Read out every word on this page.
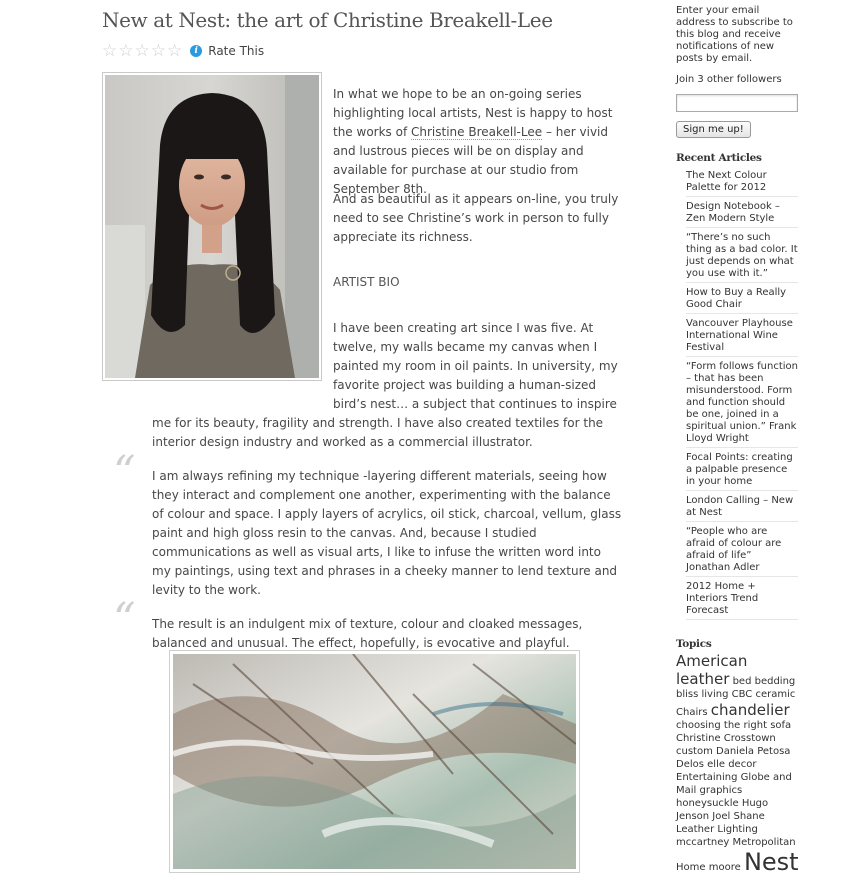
New at Nest: the art of Christine Breakell-Lee
☆ ☆ ☆ ☆ ☆	i Rate This

In what we hope to be an on-going series highlighting local artists, Nest is happy to host the works of Christine Breakell-Lee – her vivid and lustrous pieces will be on display and available for purchase at our studio from September 8th.

And as beautiful as it appears on-line, you truly need to see Christine’s work in person to fully appreciate its richness.

ARTIST BIO

I have been creating art since I was five. At twelve, my walls became my canvas when I painted my room in oil paints. In university, my favorite project was building a human-sized bird’s nest… a subject that continues to inspire

me for its beauty, fragility and strength. I have also created textiles for the interior design industry and worked as a commercial illustrator.

“ I am always refining my technique -layering different materials, seeing how they interact and complement one another, experimenting with the balance of colour and space. I apply layers of acrylics, oil stick, charcoal, vellum, glass paint and high gloss resin to the canvas. And, because I studied communications as well as visual arts, I like to infuse the written word into my paintings, using text and phrases in a cheeky manner to lend texture and levity to the work.

“ The result is an indulgent mix of texture, colour and cloaked messages, balanced and unusual. The effect, hopefully, is evocative and playful.

Enter your email address to subscribe to this blog and receive notifications of new posts by email.
Join 3 other followers
Sign me up!
Recent Articles
The Next Colour Palette for 2012
Design Notebook – Zen Modern Style
“There’s no such thing as a bad color. It just depends on what you use with it.”
How to Buy a Really Good Chair
Vancouver Playhouse International Wine Festival
“Form follows function – that has been misunderstood. Form and function should be one, joined in a spiritual union.” Frank Lloyd Wright
Focal Points: creating a palpable presence in your home
London Calling – New at Nest
“People who are afraid of colour are afraid of life” Jonathan Adler
2012 Home + Interiors Trend Forecast
Topics
American leather bed bedding bliss living CBC ceramic Chairs chandelier choosing the right sofa Christine Crosstown custom Daniela Petosa Delos elle decor Entertaining Globe and Mail graphics honeysuckle Hugo Jenson Joel Shane Leather Lighting mccartney Metropolitan Home moore Nest
